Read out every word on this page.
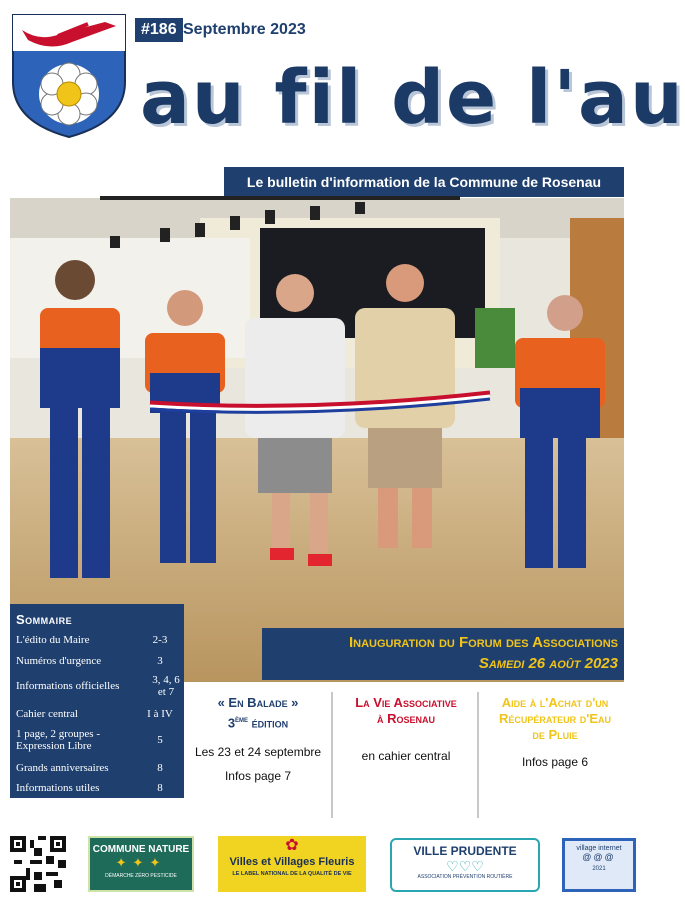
#186 Septembre 2023
au fil de l'au
Le bulletin d'information de la Commune de Rosenau
Sommaire
L'édito du Maire	2-3
Numéros d'urgence	3
Informations officielles	3, 4, 6 et 7
Cahier central	I à IV
1 page, 2 groupes - Expression Libre	5
Grands anniversaires	8
Informations utiles	8
Inauguration du Forum des Associations
Samedi 26 août 2023
« En Balade »
3ème édition

Les 23 et 24 septembre

Infos page 7

La Vie Associative
à Rosenau

en cahier central

Aide à l'Achat d'un
Récupérateur d'Eau
de Pluie

Infos page 6

COMMUNE NATURE
✦✦✦
DÉMARCHE ZÉRO PESTICIDE
✿
Villes et Villages Fleuris
LE LABEL NATIONAL DE LA QUALITÉ DE VIE
VILLE PRUDENTE
♡♡♡
ASSOCIATION PRÉVENTION ROUTIÈRE
village internet
@@@
2021
